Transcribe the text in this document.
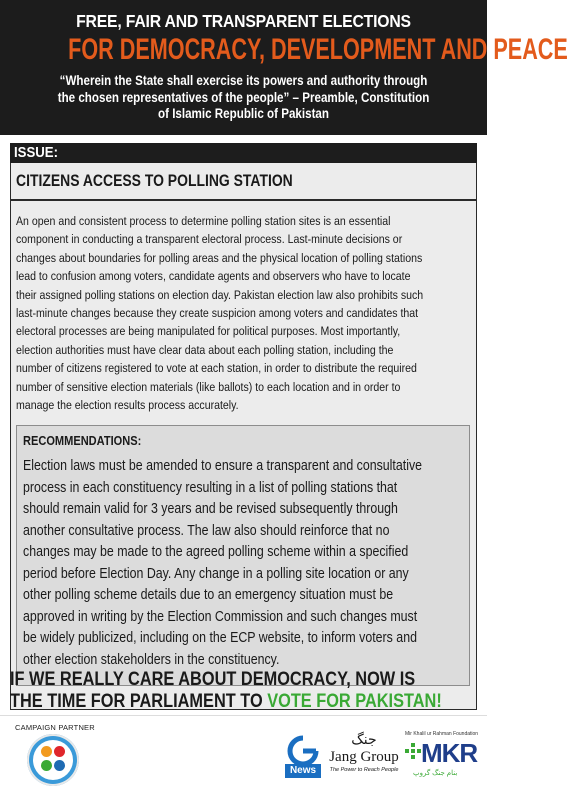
FREE, FAIR AND TRANSPARENT ELECTIONS
FOR DEMOCRACY, DEVELOPMENT AND PEACE
“Wherein the State shall exercise its powers and authority through
the chosen representatives of the people” – Preamble, Constitution
of Islamic Republic of Pakistan
ISSUE:
CITIZENS ACCESS TO POLLING STATION
An open and consistent process to determine polling station sites is an essential
component in conducting a transparent electoral process. Last-minute decisions or
changes about boundaries for polling areas and the physical location of polling stations
lead to confusion among voters, candidate agents and observers who have to locate
their assigned polling stations on election day. Pakistan election law also prohibits such
last-minute changes because they create suspicion among voters and candidates that
electoral processes are being manipulated for political purposes. Most importantly,
election authorities must have clear data about each polling station, including the
number of citizens registered to vote at each station, in order to distribute the required
number of sensitive election materials (like ballots) to each location and in order to
manage the election results process accurately.
RECOMMENDATIONS:
Election laws must be amended to ensure a transparent and consultative
process in each constituency resulting in a list of polling stations that
should remain valid for 3 years and be revised subsequently through
another consultative process. The law also should reinforce that no
changes may be made to the agreed polling scheme within a specified
period before Election Day. Any change in a polling site location or any
other polling scheme details due to an emergency situation must be
approved in writing by the Election Commission and such changes must
be widely publicized, including on the ECP website, to inform voters and
other election stakeholders in the constituency.
IF WE REALLY CARE ABOUT DEMOCRACY, NOW IS
THE TIME FOR PARLIAMENT TO VOTE FOR PAKISTAN!
CAMPAIGN PARTNER
News
جنگ
Jang Group
The Power to Reach People
Mir Khalil ur Rahman Foundation
MKR
بنام جنگ گروپ
